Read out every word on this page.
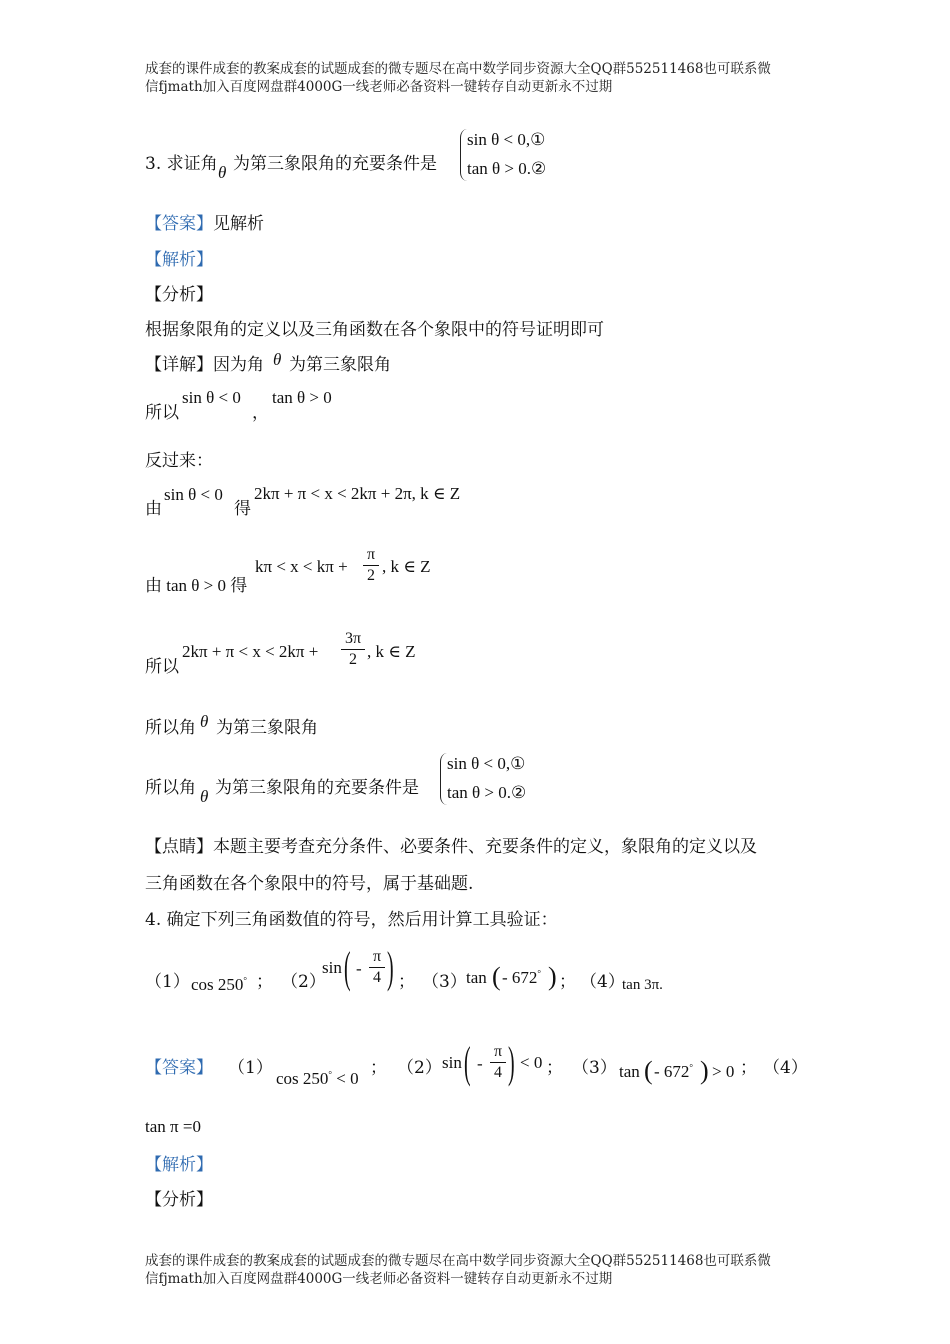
成套的课件成套的教案成套的试题成套的微专题尽在高中数学同步资源大全QQ群552511468也可联系微
信fjmath加入百度网盘群4000G一线老师必备资料一键转存自动更新永不过期
3. 求证角 θ 为第三象限角的充要条件是
sin θ < 0,①
tan θ > 0.②
【答案】见解析
【解析】
【分析】
根据象限角的定义以及三角函数在各个象限中的符号证明即可
【详解】因为角 θ 为第三象限角
所以
sin θ < 0
，
tan θ > 0
反过来：
由
sin θ < 0
得
2kπ + π < x < 2kπ + 2π, k ∈ Z
由 tan θ > 0 得
kπ < x < kπ +
π
2 , k ∈ Z
所以
2kπ + π < x < 2kπ +
3π
2 , k ∈ Z
所以角 θ 为第三象限角
所以角 θ 为第三象限角的充要条件是
sin θ < 0,①
tan θ > 0.②
【点睛】本题主要考查充分条件、必要条件、充要条件的定义，象限角的定义以及
三角函数在各个象限中的符号，属于基础题.
4. 确定下列三角函数值的符号，然后用计算工具验证：
（1） cos 250° ； （2）
sin ( -
π
4 ) ； （3） tan ( - 672° ) ； （4）
tan 3π.
【答案】 （1）
cos 250° < 0
； （2） sin ( -
π
4 ) < 0 ； （3） tan ( - 672° ) > 0 ； （4）
tan π =0
【解析】
【分析】
成套的课件成套的教案成套的试题成套的微专题尽在高中数学同步资源大全QQ群552511468也可联系微
信fjmath加入百度网盘群4000G一线老师必备资料一键转存自动更新永不过期
